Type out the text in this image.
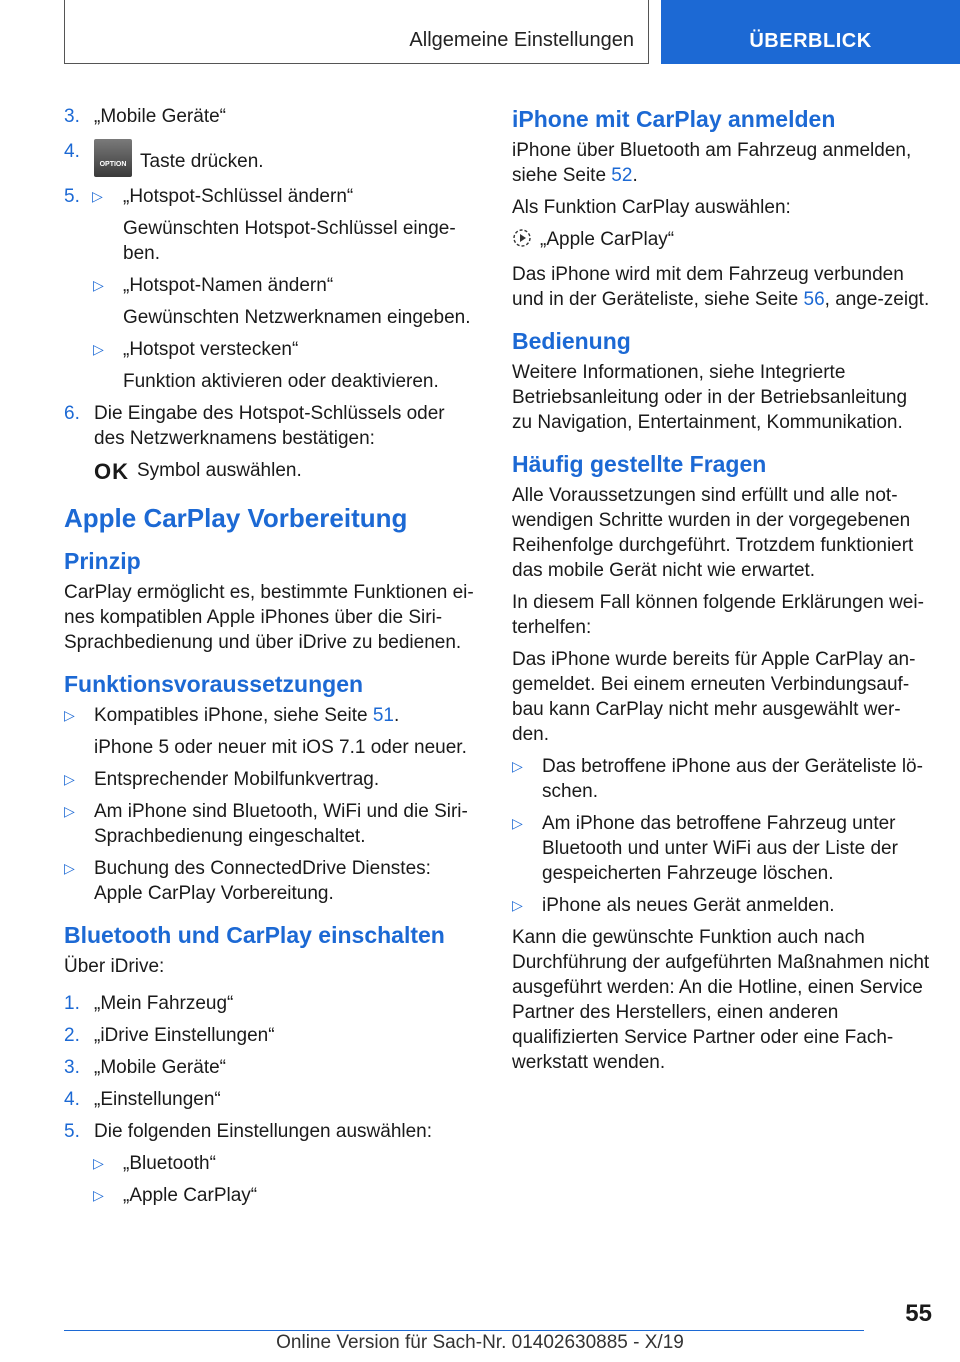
Allgemeine Einstellungen	ÜBERBLICK
3. „Mobile Geräte“
4.
OPTION Taste drücken.
5. ▷ „Hotspot-Schlüssel ändern“

Gewünschten Hotspot-Schlüssel einge‐ben.

▷ „Hotspot-Namen ändern“

Gewünschten Netzwerknamen eingeben.

▷ „Hotspot verstecken“

Funktion aktivieren oder deaktivieren.

6. Die Eingabe des Hotspot-Schlüssels oder des Netzwerknamens bestätigen:

OK Symbol auswählen.

Apple CarPlay Vorbereitung
Prinzip

CarPlay ermöglicht es, bestimmte Funktionen ei‐nes kompatiblen Apple iPhones über die Siri-Sprachbedienung und über iDrive zu bedienen.

Funktionsvoraussetzungen
▷ Kompatibles iPhone, siehe Seite 51.

iPhone 5 oder neuer mit iOS 7.1 oder neuer.

▷ Entsprechender Mobilfunkvertrag.
▷ Am iPhone sind Bluetooth, WiFi und die Siri-Sprachbedienung eingeschaltet.
▷ Buchung des ConnectedDrive Dienstes: Apple CarPlay Vorbereitung.
Bluetooth und CarPlay einschalten

Über iDrive:

1. „Mein Fahrzeug“
2. „iDrive Einstellungen“
3. „Mobile Geräte“
4. „Einstellungen“
5. Die folgenden Einstellungen auswählen:
▷ „Bluetooth“
▷ „Apple CarPlay“
iPhone mit CarPlay anmelden

iPhone über Bluetooth am Fahrzeug anmelden, siehe Seite 52.

Als Funktion CarPlay auswählen:

„Apple CarPlay“

Das iPhone wird mit dem Fahrzeug verbunden und in der Geräteliste, siehe Seite 56, ange‐zeigt.

Bedienung

Weitere Informationen, siehe Integrierte Betriebsanleitung oder in der Betriebsanleitung zu Navigation, Entertainment, Kommunikation.

Häufig gestellte Fragen

Alle Voraussetzungen sind erfüllt und alle not‐wendigen Schritte wurden in der vorgegebenen Reihenfolge durchgeführt. Trotzdem funktioniert das mobile Gerät nicht wie erwartet.

In diesem Fall können folgende Erklärungen wei‐terhelfen:

Das iPhone wurde bereits für Apple CarPlay an‐gemeldet. Bei einem erneuten Verbindungsauf‐bau kann CarPlay nicht mehr ausgewählt wer‐den.

▷ Das betroffene iPhone aus der Geräteliste lö‐schen.
▷ Am iPhone das betroffene Fahrzeug unter Bluetooth und unter WiFi aus der Liste der gespeicherten Fahrzeuge löschen.
▷ iPhone als neues Gerät anmelden.

Kann die gewünschte Funktion auch nach Durchführung der aufgeführten Maßnahmen nicht ausgeführt werden: An die Hotline, einen Service Partner des Herstellers, einen anderen qualifizierten Service Partner oder eine Fach‐werkstatt wenden.

55
Online Version für Sach-Nr. 01402630885 - X/19
